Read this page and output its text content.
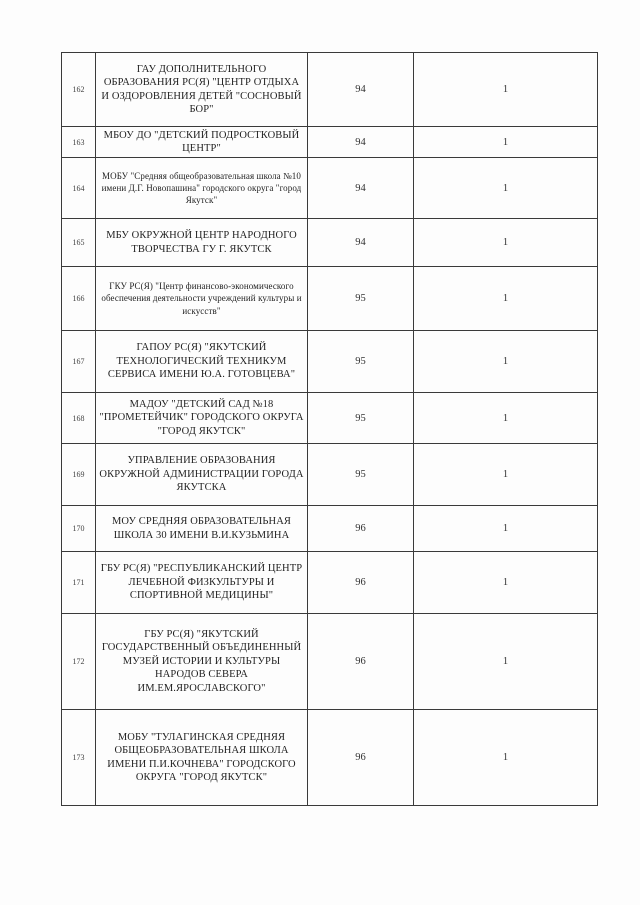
162	ГАУ ДОПОЛНИТЕЛЬНОГО ОБРАЗОВАНИЯ РС(Я) "ЦЕНТР ОТДЫХА И ОЗДОРОВЛЕНИЯ ДЕТЕЙ "СОСНОВЫЙ БОР"	94	1
163	МБОУ ДО "ДЕТСКИЙ ПОДРОСТКОВЫЙ ЦЕНТР"	94	1
164	МОБУ "Средняя общеобразовательная школа №10 имени Д.Г. Новопашина" городского округа "город Якутск"	94	1
165	МБУ ОКРУЖНОЙ ЦЕНТР НАРОДНОГО ТВОРЧЕСТВА ГУ Г. ЯКУТСК	94	1
166	ГКУ РС(Я) "Центр финансово-экономического обеспечения деятельности учреждений культуры и искусств"	95	1
167	ГАПОУ РС(Я) "ЯКУТСКИЙ ТЕХНОЛОГИЧЕСКИЙ ТЕХНИКУМ СЕРВИСА ИМЕНИ Ю.А. ГОТОВЦЕВА"	95	1
168	МАДОУ "ДЕТСКИЙ САД №18 "ПРОМЕТЕЙЧИК" ГОРОДСКОГО ОКРУГА "ГОРОД ЯКУТСК"	95	1
169	УПРАВЛЕНИЕ ОБРАЗОВАНИЯ ОКРУЖНОЙ АДМИНИСТРАЦИИ ГОРОДА ЯКУТСКА	95	1
170	МОУ СРЕДНЯЯ ОБРАЗОВАТЕЛЬНАЯ ШКОЛА 30 ИМЕНИ В.И.КУЗЬМИНА	96	1
171	ГБУ РС(Я) "РЕСПУБЛИКАНСКИЙ ЦЕНТР ЛЕЧЕБНОЙ ФИЗКУЛЬТУРЫ И СПОРТИВНОЙ МЕДИЦИНЫ"	96	1
172	ГБУ РС(Я) "ЯКУТСКИЙ ГОСУДАРСТВЕННЫЙ ОБЪЕДИНЕННЫЙ МУЗЕЙ ИСТОРИИ И КУЛЬТУРЫ НАРОДОВ СЕВЕРА ИМ.ЕМ.ЯРОСЛАВСКОГО"	96	1
173	МОБУ "ТУЛАГИНСКАЯ СРЕДНЯЯ ОБЩЕОБРАЗОВАТЕЛЬНАЯ ШКОЛА ИМЕНИ П.И.КОЧНЕВА" ГОРОДСКОГО ОКРУГА "ГОРОД ЯКУТСК"	96	1
